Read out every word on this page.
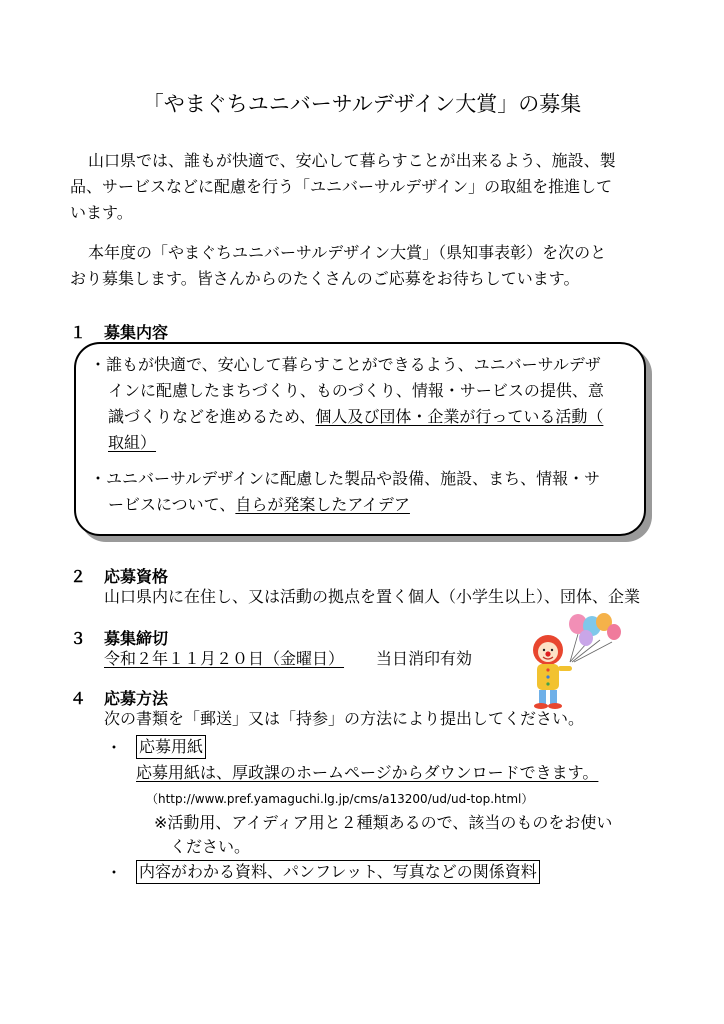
「やまぐちユニバーサルデザイン大賞」の募集
山口県では、誰もが快適で、安心して暮らすことが出来るよう、施設、製
品、サービスなどに配慮を行う「ユニバーサルデザイン」の取組を推進して
います。
本年度の「やまぐちユニバーサルデザイン大賞」（県知事表彰）を次のと
おり募集します。皆さんからのたくさんのご応募をお待ちしています。
１ 募集内容
・誰もが快適で、安心して暮らすことができるよう、ユニバーサルデザ
インに配慮したまちづくり、ものづくり、情報・サービスの提供、意
識づくりなどを進めるため、個人及び団体・企業が行っている活動（
取組）
・ユニバーサルデザインに配慮した製品や設備、施設、まち、情報・サ
ービスについて、自らが発案したアイデア
２ 応募資格
山口県内に在住し、又は活動の拠点を置く個人（小学生以上）、団体、企業
３ 募集締切
令和２年１１月２０日（金曜日） 当日消印有効
４ 応募方法
次の書類を「郵送」又は「持参」の方法により提出してください。
・ 応募用紙
応募用紙は、厚政課のホームページからダウンロードできます。
（http://www.pref.yamaguchi.lg.jp/cms/a13200/ud/ud-top.html）
※活動用、アイディア用と２種類あるので、該当のものをお使い
ください。
・ 内容がわかる資料、パンフレット、写真などの関係資料
